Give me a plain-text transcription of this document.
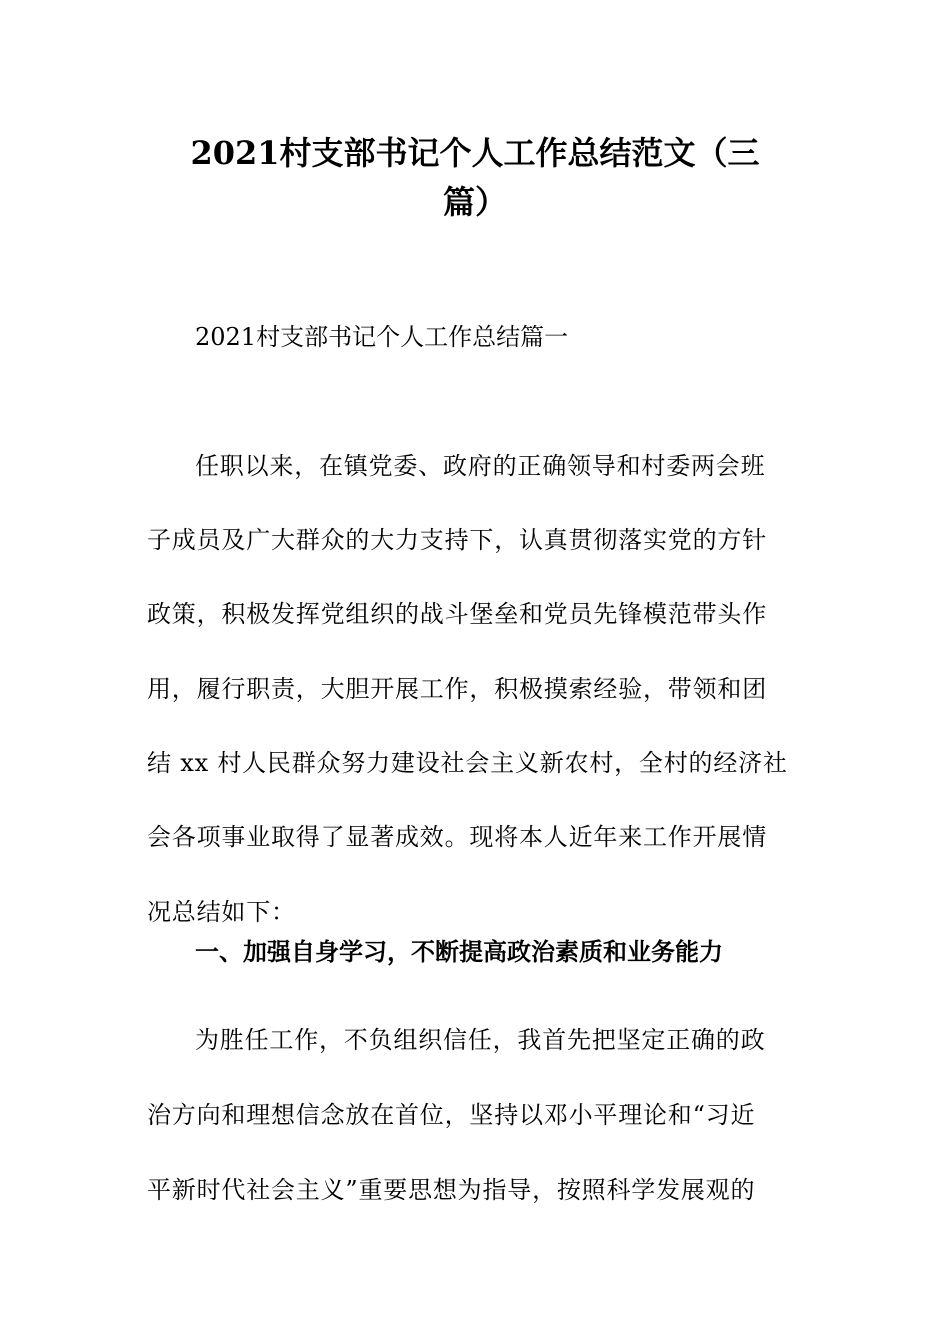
2021村支部书记个人工作总结范文（三
篇）
2021村支部书记个人工作总结篇一
任职以来，在镇党委、政府的正确领导和村委两会班
子成员及广大群众的大力支持下，认真贯彻落实党的方针
政策，积极发挥党组织的战斗堡垒和党员先锋模范带头作
用，履行职责，大胆开展工作，积极摸索经验，带领和团
结 xx 村人民群众努力建设社会主义新农村，全村的经济社
会各项事业取得了显著成效。现将本人近年来工作开展情
况总结如下：
一、加强自身学习，不断提高政治素质和业务能力
为胜任工作，不负组织信任，我首先把坚定正确的政
治方向和理想信念放在首位，坚持以邓小平理论和“习近
平新时代社会主义”重要思想为指导，按照科学发展观的
